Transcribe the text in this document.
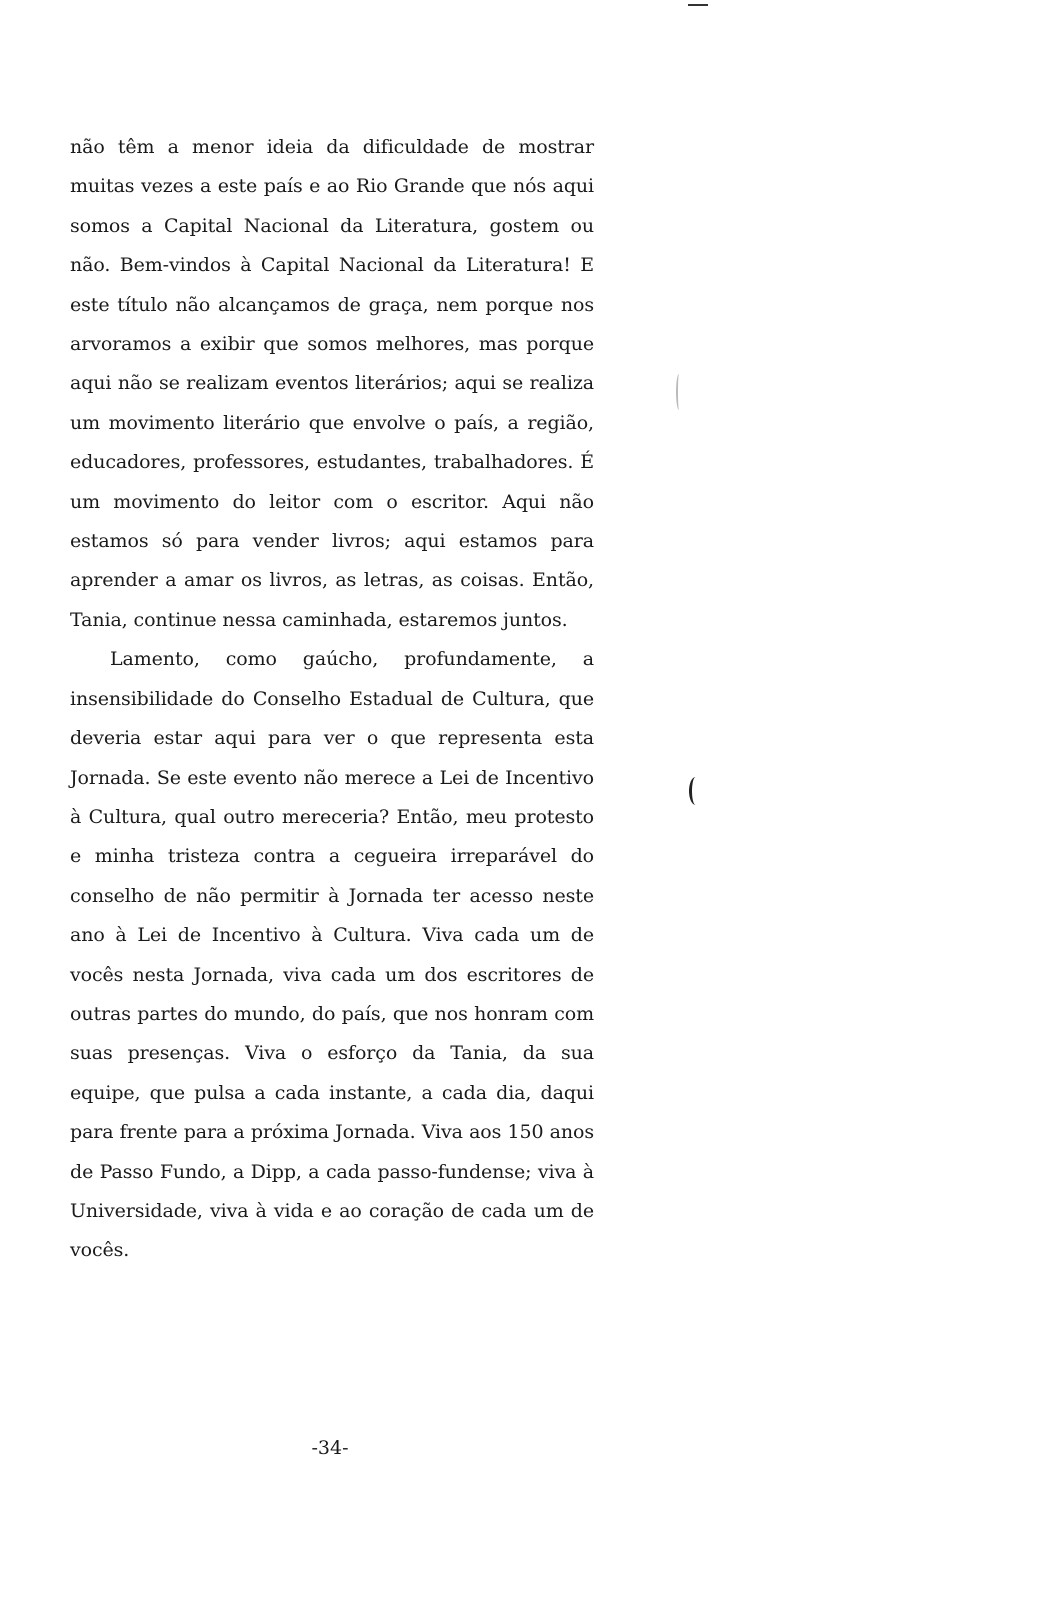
não têm a menor ideia da dificuldade de mostrar muitas vezes a este país e ao Rio Grande que nós aqui somos a Capital Nacional da Literatura, gostem ou não. Bem-vindos à Capital Nacional da Literatura! E este título não alcançamos de graça, nem porque nos arvoramos a exibir que somos melhores, mas porque aqui não se realizam eventos literários; aqui se realiza um movimento literário que envolve o país, a região, educadores, professores, estudantes, trabalhadores. É um movimento do leitor com o escritor. Aqui não estamos só para vender livros; aqui estamos para aprender a amar os livros, as letras, as coisas. Então, Tania, continue nessa caminhada, estaremos juntos.

Lamento, como gaúcho, profundamente, a insensibilidade do Conselho Estadual de Cultura, que deveria estar aqui para ver o que representa esta Jornada. Se este evento não merece a Lei de Incentivo à Cultura, qual outro mereceria? Então, meu protesto e minha tristeza contra a cegueira irreparável do conselho de não permitir à Jornada ter acesso neste ano à Lei de Incentivo à Cultura. Viva cada um de vocês nesta Jornada, viva cada um dos escritores de outras partes do mundo, do país, que nos honram com suas presenças. Viva o esforço da Tania, da sua equipe, que pulsa a cada instante, a cada dia, daqui para frente para a próxima Jornada. Viva aos 150 anos de Passo Fundo, a Dipp, a cada passo-fundense; viva à Universidade, viva à vida e ao coração de cada um de vocês.

-34-
